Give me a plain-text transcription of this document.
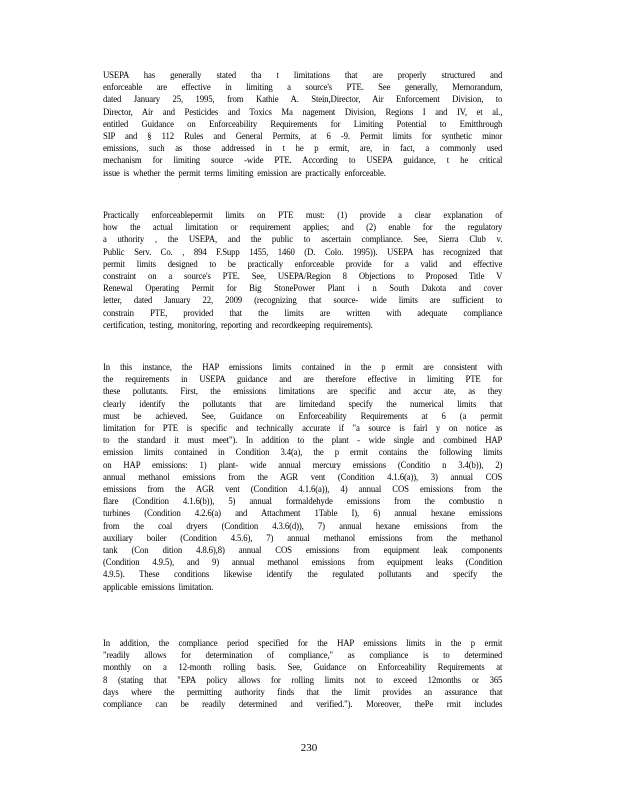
USEPA has generally stated tha t limitations that are properly structured and
enforceable are effective in limiting a source's PTE. See generally, Memorandum,
dated January 25, 1995, from Kathie A. Stein,Director, Air Enforcement Division, to
Director, Air and Pesticides and Toxics Ma nagement Division, Regions I and IV, et al.,
entitled Guidance on Enforceability Requirements for Limiting Potential to Emitthrough
SIP and § 112 Rules and General Permits, at 6 -9. Permit limits for synthetic minor
emissions, such as those addressed in t he p ermit, are, in fact, a commonly used
mechanism for limiting source -wide PTE. According to USEPA guidance, t he critical
issue is whether the permit terms limiting emission are practically enforceable.

Practically enforceablepermit limits on PTE must: (1) provide a clear explanation of
how the actual limitation or requirement applies; and (2) enable for the regulatory
a uthority , the USEPA, and the public to ascertain compliance. See, Sierra Club v.
Public Serv. Co. , 894 F.Supp 1455, 1460 (D. Colo. 1995)). USEPA has recognized that
permit limits designed to be practically enforceable provide for a valid and effective
constraint on a source's PTE. See, USEPA/Region 8 Objections to Proposed Title V
Renewal Operating Permit for Big StonePower Plant i n South Dakota and cover
letter, dated January 22, 2009 (recognizing that source- wide limits are sufficient to
constrain PTE, provided that the limits are written with adequate compliance
certification, testing, monitoring, reporting and recordkeeping requirements).

In this instance, the HAP emissions limits contained in the p ermit are consistent with
the requirements in USEPA guidance and are therefore effective in limiting PTE for
these pollutants. First, the emissions limitations are specific and accur ate, as they
clearly identify the pollutants that are limitedand specify the numerical limits that
must be achieved. See, Guidance on Enforceability Requirements at 6 (a permit
limitation for PTE is specific and technically accurate if "a source is fairl y on notice as
to the standard it must meet"). In addition to the plant - wide single and combined HAP
emission limits contained in Condition 3.4(a), the p ermit contains the following limits
on HAP emissions: 1) plant- wide annual mercury emissions (Conditio n 3.4(b)), 2)
annual methanol emissions from the AGR vent (Condition 4.1.6(a)), 3) annual COS
emissions from the AGR vent (Condition 4.1.6(a)), 4) annual COS emissions from the
flare (Condition 4.1.6(b)), 5) annual formaldehyde emissions from the combustio n
turbines (Condition 4.2.6(a) and Attachment 1Table I), 6) annual hexane emissions
from the coal dryers (Condition 4.3.6(d)), 7) annual hexane emissions from the
auxiliary boiler (Condition 4.5.6), 7) annual methanol emissions from the methanol
tank (Con dition 4.8.6),8) annual COS emissions from equipment leak components
(Condition 4.9.5), and 9) annual methanol emissions from equipment leaks (Condition
4.9.5). These conditions likewise identify the regulated pollutants and specify the
applicable emissions limitation.

In addition, the compliance period specified for the HAP emissions limits in the p ermit
"readily allows for determination of compliance," as compliance is to determined
monthly on a 12-month rolling basis. See, Guidance on Enforceability Requirements at
8 (stating that "EPA policy allows for rolling limits not to exceed 12months or 365
days where the permitting authority finds that the limit provides an assurance that
compliance can be readily determined and verified."). Moreover, thePe rmit includes

230
